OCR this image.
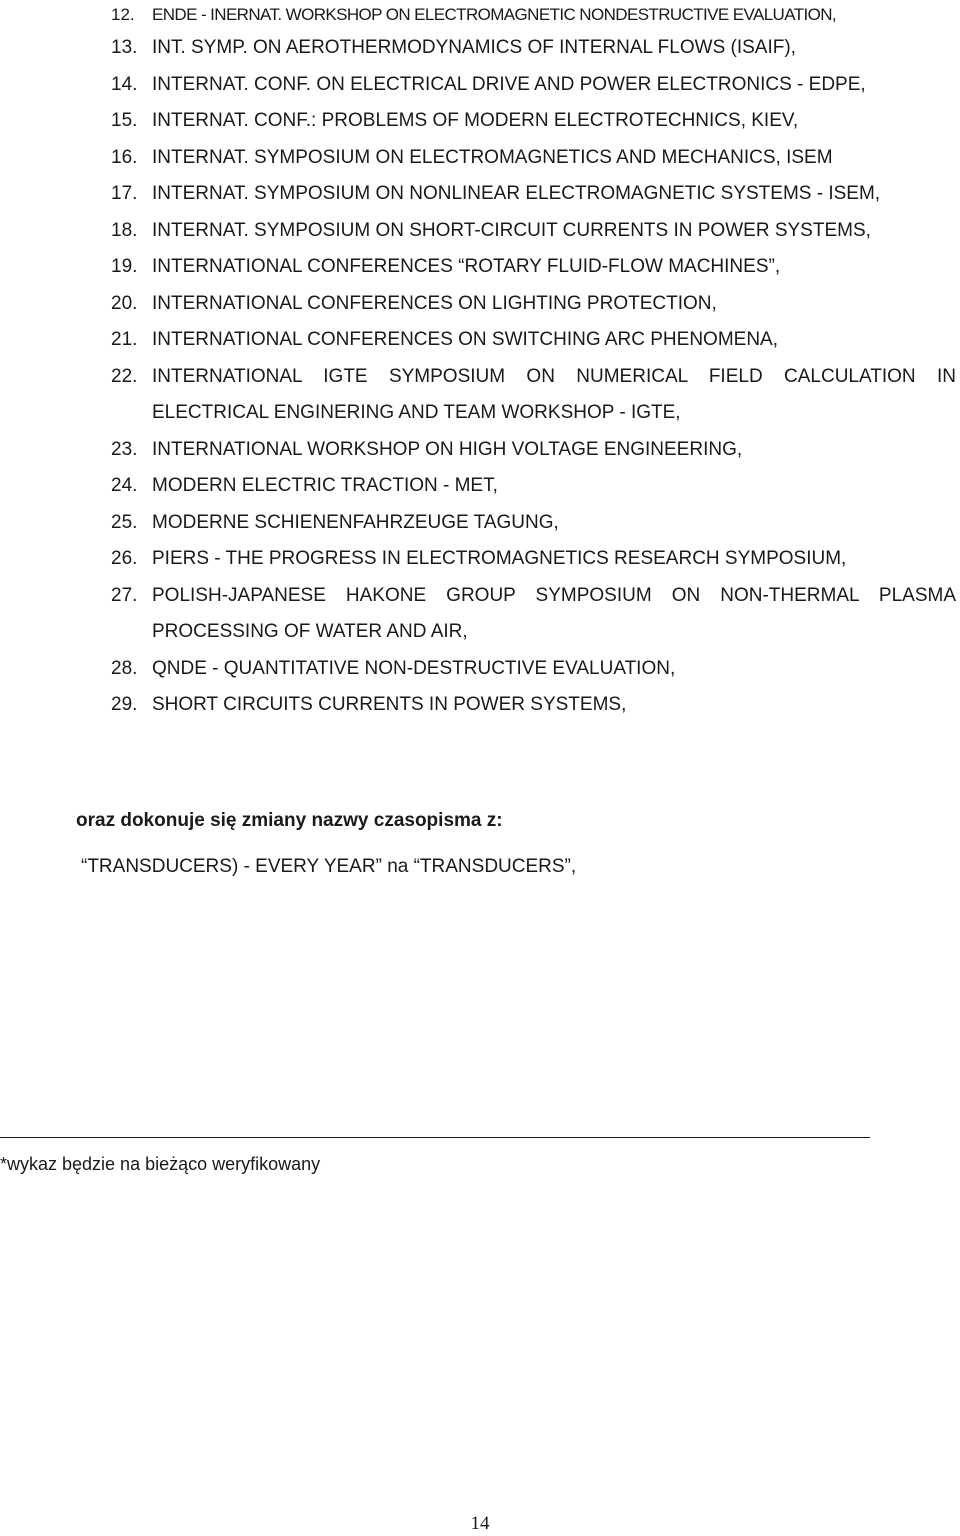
12.	ENDE - INERNAT. WORKSHOP ON ELECTROMAGNETIC NONDESTRUCTIVE EVALUATION,
13. INT. SYMP. ON AEROTHERMODYNAMICS OF INTERNAL FLOWS (ISAIF),
14. INTERNAT. CONF. ON ELECTRICAL DRIVE AND POWER ELECTRONICS - EDPE,
15. INTERNAT. CONF.: PROBLEMS OF MODERN ELECTROTECHNICS, KIEV,
16. INTERNAT. SYMPOSIUM ON ELECTROMAGNETICS AND MECHANICS, ISEM
17. INTERNAT. SYMPOSIUM ON NONLINEAR ELECTROMAGNETIC SYSTEMS - ISEM,
18. INTERNAT. SYMPOSIUM ON SHORT-CIRCUIT CURRENTS IN POWER SYSTEMS,
19. INTERNATIONAL CONFERENCES “ROTARY FLUID-FLOW MACHINES”,
20. INTERNATIONAL CONFERENCES ON LIGHTING PROTECTION,
21. INTERNATIONAL CONFERENCES ON SWITCHING ARC PHENOMENA,
22. INTERNATIONAL IGTE SYMPOSIUM ON NUMERICAL FIELD CALCULATION IN ELECTRICAL ENGINERING AND TEAM WORKSHOP - IGTE,
23. INTERNATIONAL WORKSHOP ON HIGH VOLTAGE ENGINEERING,
24. MODERN ELECTRIC TRACTION - MET,
25. MODERNE SCHIENENFAHRZEUGE TAGUNG,
26. PIERS - THE PROGRESS IN ELECTROMAGNETICS RESEARCH SYMPOSIUM,
27. POLISH-JAPANESE HAKONE GROUP SYMPOSIUM ON NON-THERMAL PLASMA PROCESSING OF WATER AND AIR,
28. QNDE - QUANTITATIVE NON-DESTRUCTIVE EVALUATION,
29. SHORT CIRCUITS CURRENTS IN POWER SYSTEMS,

oraz dokonuje się zmiany nazwy czasopisma z:

“TRANSDUCERS) - EVERY YEAR” na “TRANSDUCERS”,

*wykaz będzie na bieżąco weryfikowany

14
